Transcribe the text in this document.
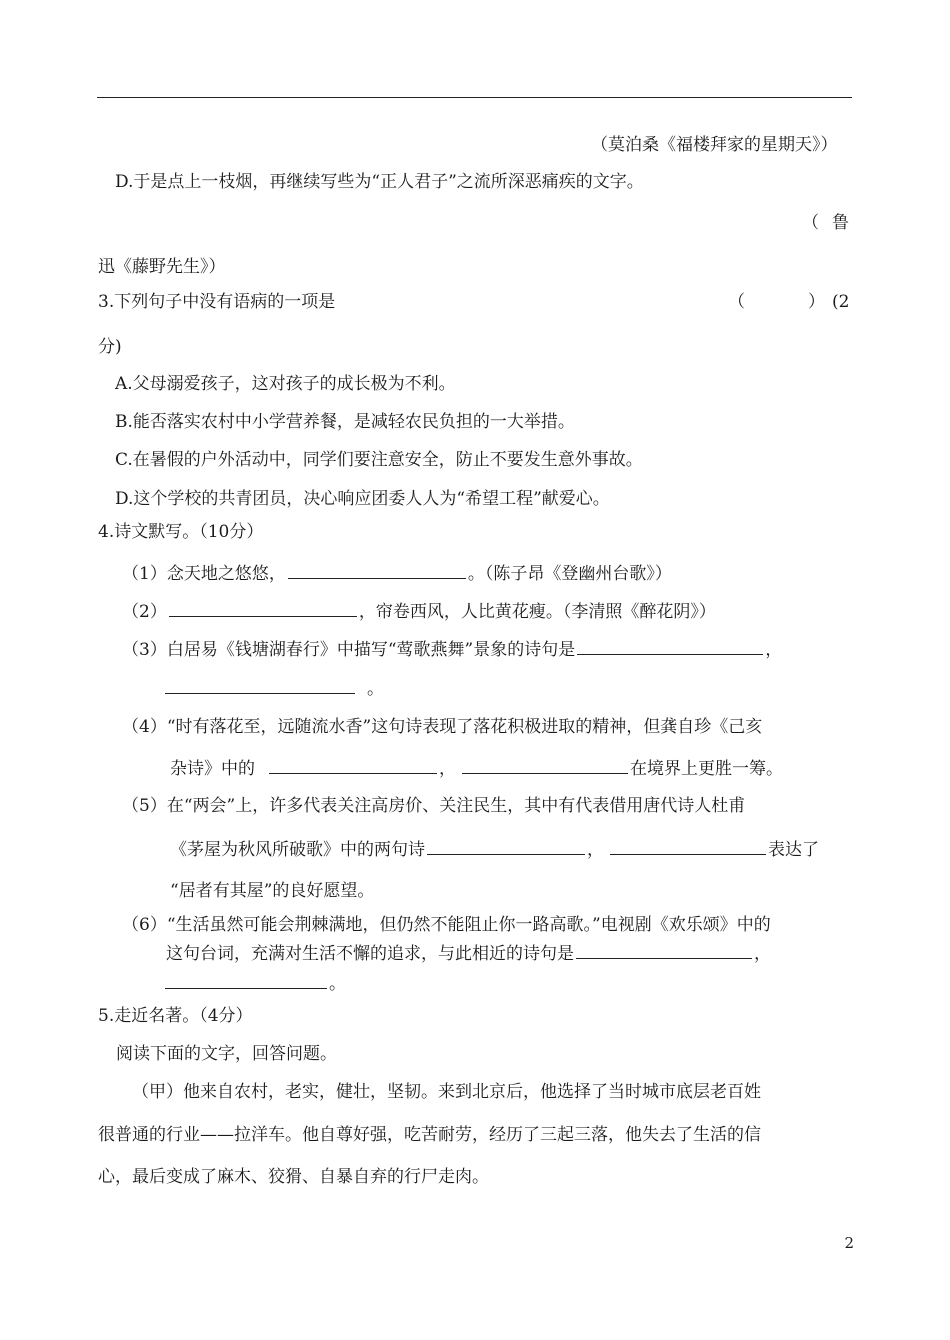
（莫泊桑《福楼拜家的星期天》）
D.于是点上一枝烟，再继续写些为“正人君子”之流所深恶痛疾的文字。
（ 鲁
迅《藤野先生》）
3.下列句子中没有语病的一项是	（	） (2
分)
A.父母溺爱孩子，这对孩子的成长极为不利。
B.能否落实农村中小学营养餐，是减轻农民负担的一大举措。
C.在暑假的户外活动中，同学们要注意安全，防止不要发生意外事故。
D.这个学校的共青团员，决心响应团委人人为“希望工程”献爱心。
4.诗文默写。（10分）
（1）念天地之悠悠，	。（陈子昂《登幽州台歌》）
（2）	，帘卷西风，人比黄花瘦。（李清照《醉花阴》）
（3）白居易《钱塘湖春行》中描写“莺歌燕舞”景象的诗句是	，
。
（4）“时有落花至，远随流水香”这句诗表现了落花积极进取的精神，但龚自珍《己亥
杂诗》中的	，	在境界上更胜一筹。
（5）在“两会”上，许多代表关注高房价、关注民生，其中有代表借用唐代诗人杜甫
《茅屋为秋风所破歌》中的两句诗	，	表达了
“居者有其屋”的良好愿望。
（6）“生活虽然可能会荆棘满地，但仍然不能阻止你一路高歌。”电视剧《欢乐颂》中的
这句台词，充满对生活不懈的追求，与此相近的诗句是	，
。
5.走近名著。（4分）
阅读下面的文字，回答问题。
（甲）他来自农村，老实，健壮，坚韧。来到北京后，他选择了当时城市底层老百姓
很普通的行业——拉洋车。他自尊好强，吃苦耐劳，经历了三起三落，他失去了生活的信
心，最后变成了麻木、狡猾、自暴自弃的行尸走肉。
2
